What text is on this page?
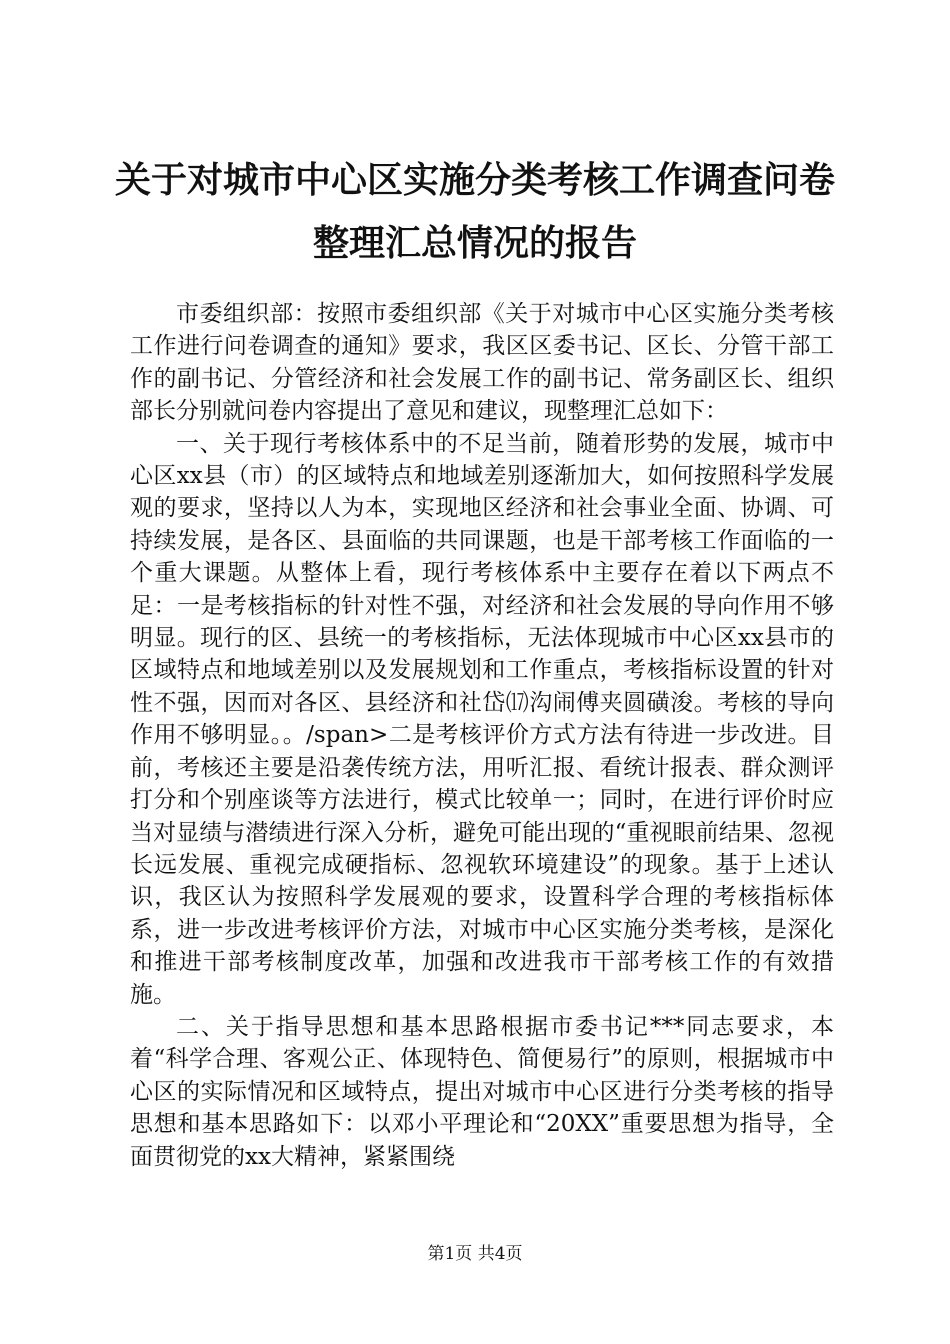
关于对城市中心区实施分类考核工作调查问卷
整理汇总情况的报告

市委组织部：按照市委组织部《关于对城市中心区实施分类考核工作进行问卷调查的通知》要求，我区区委书记、区长、分管干部工作的副书记、分管经济和社会发展工作的副书记、常务副区长、组织部长分别就问卷内容提出了意见和建议，现整理汇总如下：

一、关于现行考核体系中的不足当前，随着形势的发展，城市中心区xx县（市）的区域特点和地域差别逐渐加大，如何按照科学发展观的要求，坚持以人为本，实现地区经济和社会事业全面、协调、可持续发展，是各区、县面临的共同课题，也是干部考核工作面临的一个重大课题。从整体上看，现行考核体系中主要存在着以下两点不足：一是考核指标的针对性不强，对经济和社会发展的导向作用不够明显。现行的区、县统一的考核指标，无法体现城市中心区xx县市的区域特点和地域差别以及发展规划和工作重点，考核指标设置的针对性不强，因而对各区、县经济和社岱⒄沟闹傅夹圆磺浚。考核的导向作用不够明显。。/span>二是考核评价方式方法有待进一步改进。目前，考核还主要是沿袭传统方法，用听汇报、看统计报表、群众测评打分和个别座谈等方法进行，模式比较单一；同时，在进行评价时应当对显绩与潜绩进行深入分析，避免可能出现的“重视眼前结果、忽视长远发展、重视完成硬指标、忽视软环境建设”的现象。基于上述认识，我区认为按照科学发展观的要求，设置科学合理的考核指标体系，进一步改进考核评价方法，对城市中心区实施分类考核，是深化和推进干部考核制度改革，加强和改进我市干部考核工作的有效措施。

二、关于指导思想和基本思路根据市委书记***同志要求，本着“科学合理、客观公正、体现特色、简便易行”的原则，根据城市中心区的实际情况和区域特点，提出对城市中心区进行分类考核的指导思想和基本思路如下：以邓小平理论和“20XX”重要思想为指导，全面贯彻党的xx大精神，紧紧围绕

第1页 共4页
